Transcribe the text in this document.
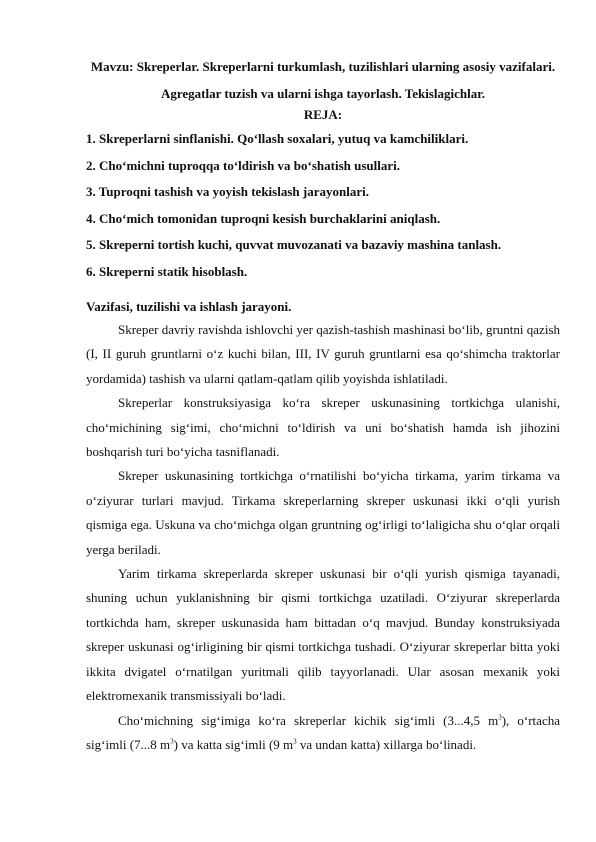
Mavzu: Skreperlar. Skreperlarni turkumlash, tuzilishlari ularning asosiy vazifalari. Agregatlar tuzish va ularni ishga tayorlash. Tekislagichlar.
REJA:
1. Skreperlarni sinflanishi. Qo‘llash soxalari, yutuq va kamchiliklari.
2. Cho‘michni tuproqqa to‘ldirish va bo‘shatish usullari.
3. Tuproqni tashish va yoyish tekislash jarayonlari.
4. Cho‘mich tomonidan tuproqni kesish burchaklarini aniqlash.
5. Skreperni tortish kuchi, quvvat muvozanati va bazaviy mashina tanlash.
6. Skreperni statik hisoblash.
Vazifasi, tuzilishi va ishlash jarayoni.

Skreper davriy ravishda ishlovchi yer qazish-tashish mashinasi bo‘lib, gruntni qazish (I, II guruh gruntlarni o‘z kuchi bilan, III, IV guruh gruntlarni esa qo‘shimcha traktorlar yordamida) tashish va ularni qatlam-qatlam qilib yoyishda ishlatiladi.

Skreperlar konstruksiyasiga ko‘ra skreper uskunasining tortkichga ulanishi, cho‘michining sig‘imi, cho‘michni to‘ldirish va uni bo‘shatish hamda ish jihozini boshqarish turi bo‘yicha tasniflanadi.

Skreper uskunasining tortkichga o‘rnatilishi bo‘yicha tirkama, yarim tirkama va o‘ziyurar turlari mavjud. Tirkama skreperlarning skreper uskunasi ikki o‘qli yurish qismiga ega. Uskuna va cho‘michga olgan gruntning og‘irligi to‘laligicha shu o‘qlar orqali yerga beriladi.

Yarim tirkama skreperlarda skreper uskunasi bir o‘qli yurish qismiga tayanadi, shuning uchun yuklanishning bir qismi tortkichga uzatiladi. O‘ziyurar skreperlarda tortkichda ham, skreper uskunasida ham bittadan o‘q mavjud. Bunday konstruksiyada skreper uskunasi og‘irligining bir qismi tortkichga tushadi. O‘ziyurar skreperlar bitta yoki ikkita dvigatel o‘rnatilgan yuritmali qilib tayyorlanadi. Ular asosan mexanik yoki elektromexanik transmissiyali bo‘ladi.

Cho‘michning sig‘imiga ko‘ra skreperlar kichik sig‘imli (3...4,5 $m^3$), o‘rtacha sig‘imli (7...8 $m^3$) va katta sig‘imli (9 $m^3$ va undan katta) xillarga bo‘linadi.
